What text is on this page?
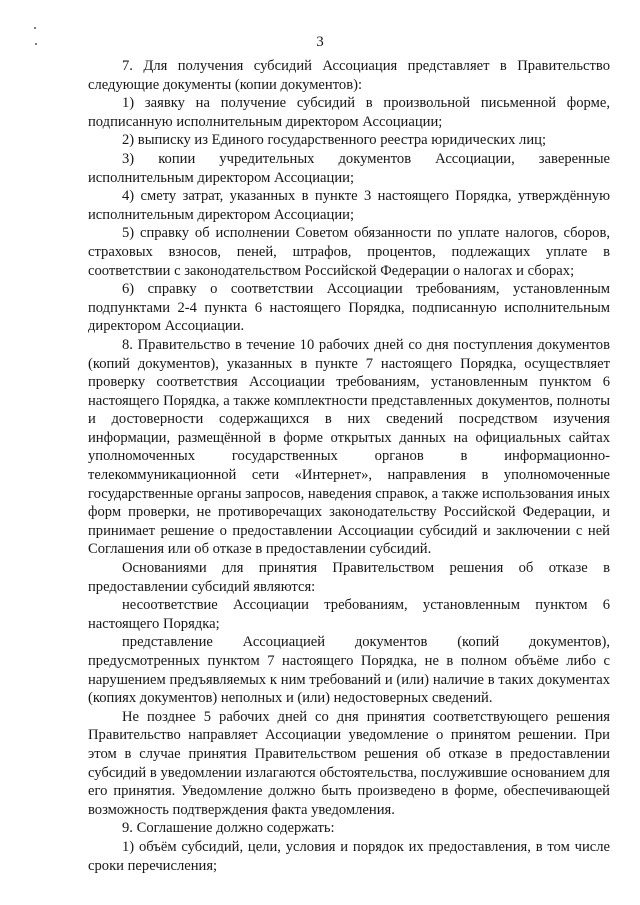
3

7. Для получения субсидий Ассоциация представляет в Правительство следующие документы (копии документов):

1) заявку на получение субсидий в произвольной письменной форме, подписанную исполнительным директором Ассоциации;

2) выписку из Единого государственного реестра юридических лиц;

3) копии учредительных документов Ассоциации, заверенные исполнительным директором Ассоциации;

4) смету затрат, указанных в пункте 3 настоящего Порядка, утверждённую исполнительным директором Ассоциации;

5) справку об исполнении Советом обязанности по уплате налогов, сборов, страховых взносов, пеней, штрафов, процентов, подлежащих уплате в соответствии с законодательством Российской Федерации о налогах и сборах;

6) справку о соответствии Ассоциации требованиям, установленным подпунктами 2-4 пункта 6 настоящего Порядка, подписанную исполнительным директором Ассоциации.

8. Правительство в течение 10 рабочих дней со дня поступления документов (копий документов), указанных в пункте 7 настоящего Порядка, осуществляет проверку соответствия Ассоциации требованиям, установленным пунктом 6 настоящего Порядка, а также комплектности представленных документов, полноты и достоверности содержащихся в них сведений посредством изучения информации, размещённой в форме открытых данных на официальных сайтах уполномоченных государственных органов в информационно-телекоммуникационной сети «Интернет», направления в уполномоченные государственные органы запросов, наведения справок, а также использования иных форм проверки, не противоречащих законодательству Российской Федерации, и принимает решение о предоставлении Ассоциации субсидий и заключении с ней Соглашения или об отказе в предоставлении субсидий.

Основаниями для принятия Правительством решения об отказе в предоставлении субсидий являются:

несоответствие Ассоциации требованиям, установленным пунктом 6 настоящего Порядка;

представление Ассоциацией документов (копий документов), предусмотренных пунктом 7 настоящего Порядка, не в полном объёме либо с нарушением предъявляемых к ним требований и (или) наличие в таких документах (копиях документов) неполных и (или) недостоверных сведений.

Не позднее 5 рабочих дней со дня принятия соответствующего решения Правительство направляет Ассоциации уведомление о принятом решении. При этом в случае принятия Правительством решения об отказе в предоставлении субсидий в уведомлении излагаются обстоятельства, послужившие основанием для его принятия. Уведомление должно быть произведено в форме, обеспечивающей возможность подтверждения факта уведомления.

9. Соглашение должно содержать:

1) объём субсидий, цели, условия и порядок их предоставления, в том числе сроки перечисления;
